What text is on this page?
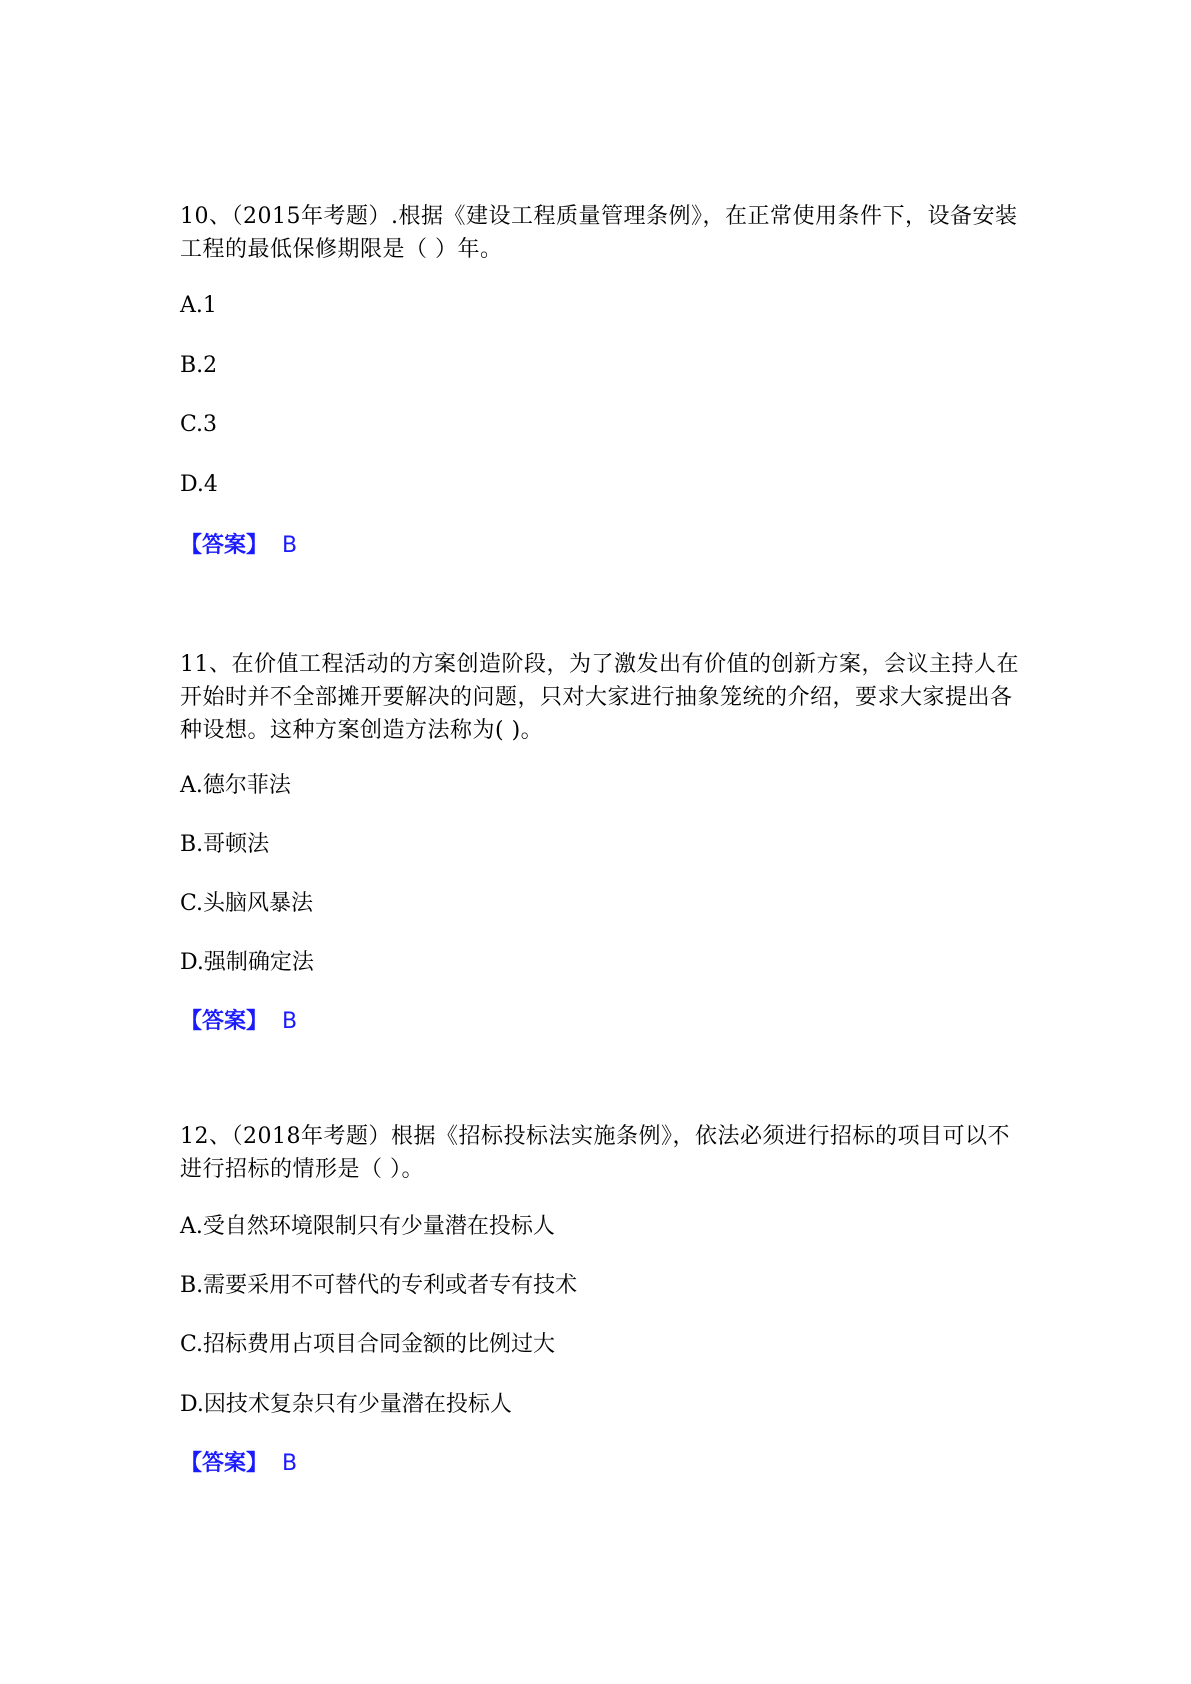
10、（2015年考题）.根据《建设工程质量管理条例》，在正常使用条件下，设备安装工程的最低保修期限是（ ）年。

A.1

B.2

C.3

D.4

【答案】 B

11、在价值工程活动的方案创造阶段，为了激发出有价值的创新方案，会议主持人在开始时并不全部摊开要解决的问题，只对大家进行抽象笼统的介绍，要求大家提出各种设想。这种方案创造方法称为( )。

A.德尔菲法

B.哥顿法

C.头脑风暴法

D.强制确定法

【答案】 B

12、（2018年考题）根据《招标投标法实施条例》，依法必须进行招标的项目可以不进行招标的情形是（ ）。

A.受自然环境限制只有少量潜在投标人

B.需要采用不可替代的专利或者专有技术

C.招标费用占项目合同金额的比例过大

D.因技术复杂只有少量潜在投标人

【答案】 B
